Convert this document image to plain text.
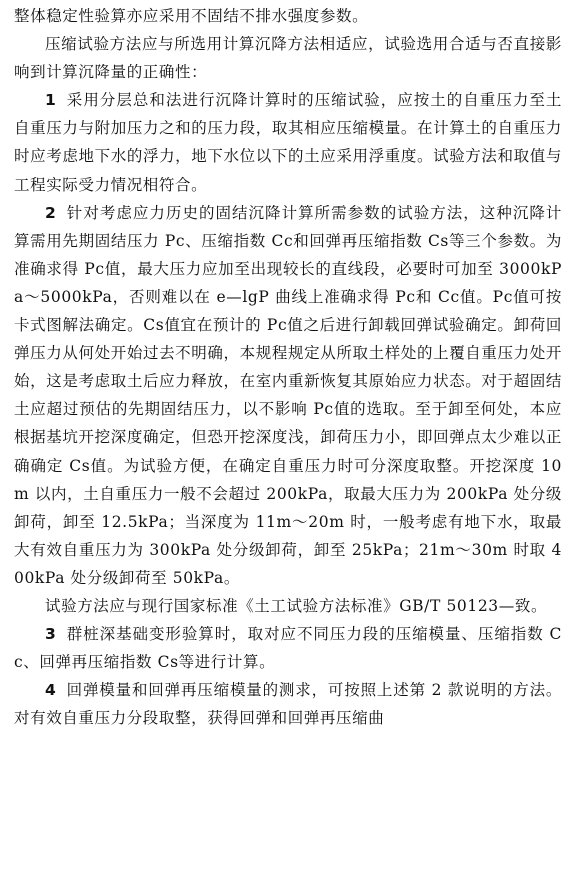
整体稳定性验算亦应采用不固结不排水强度参数。

压缩试验方法应与所选用计算沉降方法相适应，试验选用合适与否直接影响到计算沉降量的正确性：

1 采用分层总和法进行沉降计算时的压缩试验，应按土的自重压力至土自重压力与附加压力之和的压力段，取其相应压缩模量。在计算土的自重压力时应考虑地下水的浮力，地下水位以下的土应采用浮重度。试验方法和取值与工程实际受力情况相符合。

2 针对考虑应力历史的固结沉降计算所需参数的试验方法，这种沉降计算需用先期固结压力 Pc、压缩指数 Cc和回弹再压缩指数 Cs等三个参数。为准确求得 Pc值，最大压力应加至出现较长的直线段，必要时可加至 3000kPa～5000kPa，否则难以在 e—lgP 曲线上准确求得 Pc和 Cc值。Pc值可按卡式图解法确定。Cs值宜在预计的 Pc值之后进行卸载回弹试验确定。卸荷回弹压力从何处开始过去不明确，本规程规定从所取土样处的上覆自重压力处开始，这是考虑取土后应力释放，在室内重新恢复其原始应力状态。对于超固结土应超过预估的先期固结压力，以不影响 Pc值的选取。至于卸至何处，本应根据基坑开挖深度确定，但恐开挖深度浅，卸荷压力小，即回弹点太少难以正确确定 Cs值。为试验方便，在确定自重压力时可分深度取整。开挖深度 10m 以内，土自重压力一般不会超过 200kPa，取最大压力为 200kPa 处分级卸荷，卸至 12.5kPa；当深度为 11m～20m 时，一般考虑有地下水，取最大有效自重压力为 300kPa 处分级卸荷，卸至 25kPa；21m～30m 时取 400kPa 处分级卸荷至 50kPa。

试验方法应与现行国家标准《土工试验方法标准》GB/T 50123—致。

3 群桩深基础变形验算时，取对应不同压力段的压缩模量、压缩指数 Cc、回弹再压缩指数 Cs等进行计算。

4 回弹模量和回弹再压缩模量的测求，可按照上述第 2 款说明的方法。对有效自重压力分段取整，获得回弹和回弹再压缩曲
